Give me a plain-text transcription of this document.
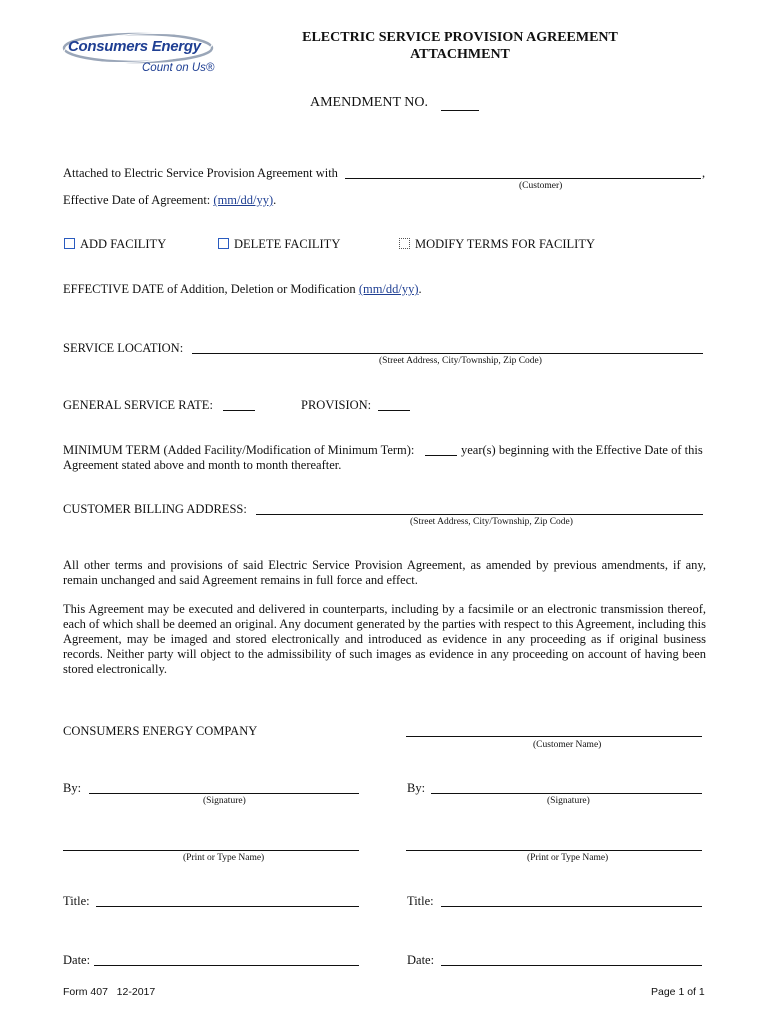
Consumers Energy
Count on Us®
ELECTRIC SERVICE PROVISION AGREEMENT
ATTACHMENT
AMENDMENT NO.
Attached to Electric Service Provision Agreement with	,
(Customer)
Effective Date of Agreement: (mm/dd/yy).
ADD FACILITY	DELETE FACILITY	MODIFY TERMS FOR FACILITY
EFFECTIVE DATE of Addition, Deletion or Modification (mm/dd/yy).
SERVICE LOCATION:
(Street Address, City/Township, Zip Code)
GENERAL SERVICE RATE:	PROVISION:
MINIMUM TERM (Added Facility/Modification of Minimum Term):	year(s) beginning with the Effective Date of this
Agreement stated above and month to month thereafter.
CUSTOMER BILLING ADDRESS:
(Street Address, City/Township, Zip Code)
All other terms and provisions of said Electric Service Provision Agreement, as amended by previous amendments, if any, remain unchanged and said Agreement remains in full force and effect.
This Agreement may be executed and delivered in counterparts, including by a facsimile or an electronic transmission thereof, each of which shall be deemed an original. Any document generated by the parties with respect to this Agreement, including this Agreement, may be imaged and stored electronically and introduced as evidence in any proceeding as if original business records. Neither party will object to the admissibility of such images as evidence in any proceeding on account of having been stored electronically.
CONSUMERS ENERGY COMPANY
By:
(Signature)
(Print or Type Name)
Title:
Date:
(Customer Name)
By:
(Signature)
(Print or Type Name)
Title:
Date:
Form 407   12-2017	Page 1 of 1
